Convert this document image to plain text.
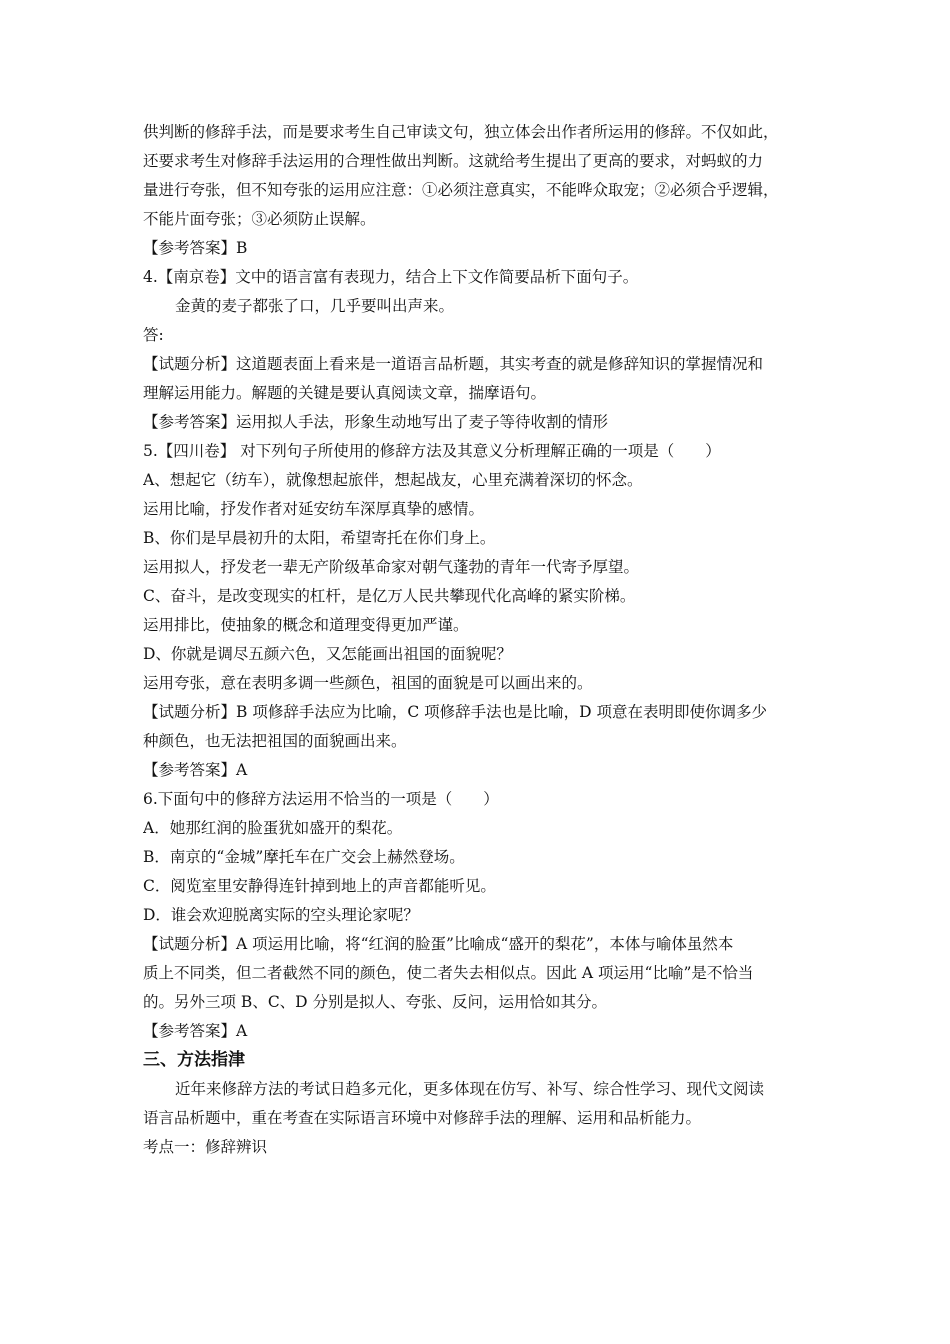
供判断的修辞手法，而是要求考生自己审读文句，独立体会出作者所运用的修辞。不仅如此，
还要求考生对修辞手法运用的合理性做出判断。这就给考生提出了更高的要求，对蚂蚁的力
量进行夸张，但不知夸张的运用应注意：①必须注意真实，不能哗众取宠；②必须合乎逻辑，
不能片面夸张；③必须防止误解。
【参考答案】B
4.【南京卷】文中的语言富有表现力，结合上下文作简要品析下面句子。
金黄的麦子都张了口，几乎要叫出声来。
答:
【试题分析】这道题表面上看来是一道语言品析题，其实考查的就是修辞知识的掌握情况和
理解运用能力。解题的关键是要认真阅读文章，揣摩语句。
【参考答案】运用拟人手法，形象生动地写出了麦子等待收割的情形
5.【四川卷】 对下列句子所使用的修辞方法及其意义分析理解正确的一项是（　　）
A、想起它（纺车），就像想起旅伴，想起战友，心里充满着深切的怀念。
运用比喻，抒发作者对延安纺车深厚真挚的感情。
B、你们是早晨初升的太阳，希望寄托在你们身上。
运用拟人，抒发老一辈无产阶级革命家对朝气蓬勃的青年一代寄予厚望。
C、奋斗，是改变现实的杠杆，是亿万人民共攀现代化高峰的紧实阶梯。
运用排比，使抽象的概念和道理变得更加严谨。
D、你就是调尽五颜六色，又怎能画出祖国的面貌呢？
运用夸张，意在表明多调一些颜色，祖国的面貌是可以画出来的。
【试题分析】B 项修辞手法应为比喻，C 项修辞手法也是比喻，D 项意在表明即使你调多少
种颜色，也无法把祖国的面貌画出来。
【参考答案】A
6.下面句中的修辞方法运用不恰当的一项是（　　）
A．她那红润的脸蛋犹如盛开的梨花。
B．南京的“金城”摩托车在广交会上赫然登场。
C．阅览室里安静得连针掉到地上的声音都能听见。
D．谁会欢迎脱离实际的空头理论家呢？
【试题分析】A 项运用比喻，将“红润的脸蛋”比喻成“盛开的梨花”，本体与喻体虽然本
质上不同类，但二者截然不同的颜色，使二者失去相似点。因此 A 项运用“比喻”是不恰当
的。另外三项 B、C、D 分别是拟人、夸张、反问，运用恰如其分。
【参考答案】A
三、方法指津
近年来修辞方法的考试日趋多元化，更多体现在仿写、补写、综合性学习、现代文阅读
语言品析题中，重在考查在实际语言环境中对修辞手法的理解、运用和品析能力。
考点一：修辞辨识
